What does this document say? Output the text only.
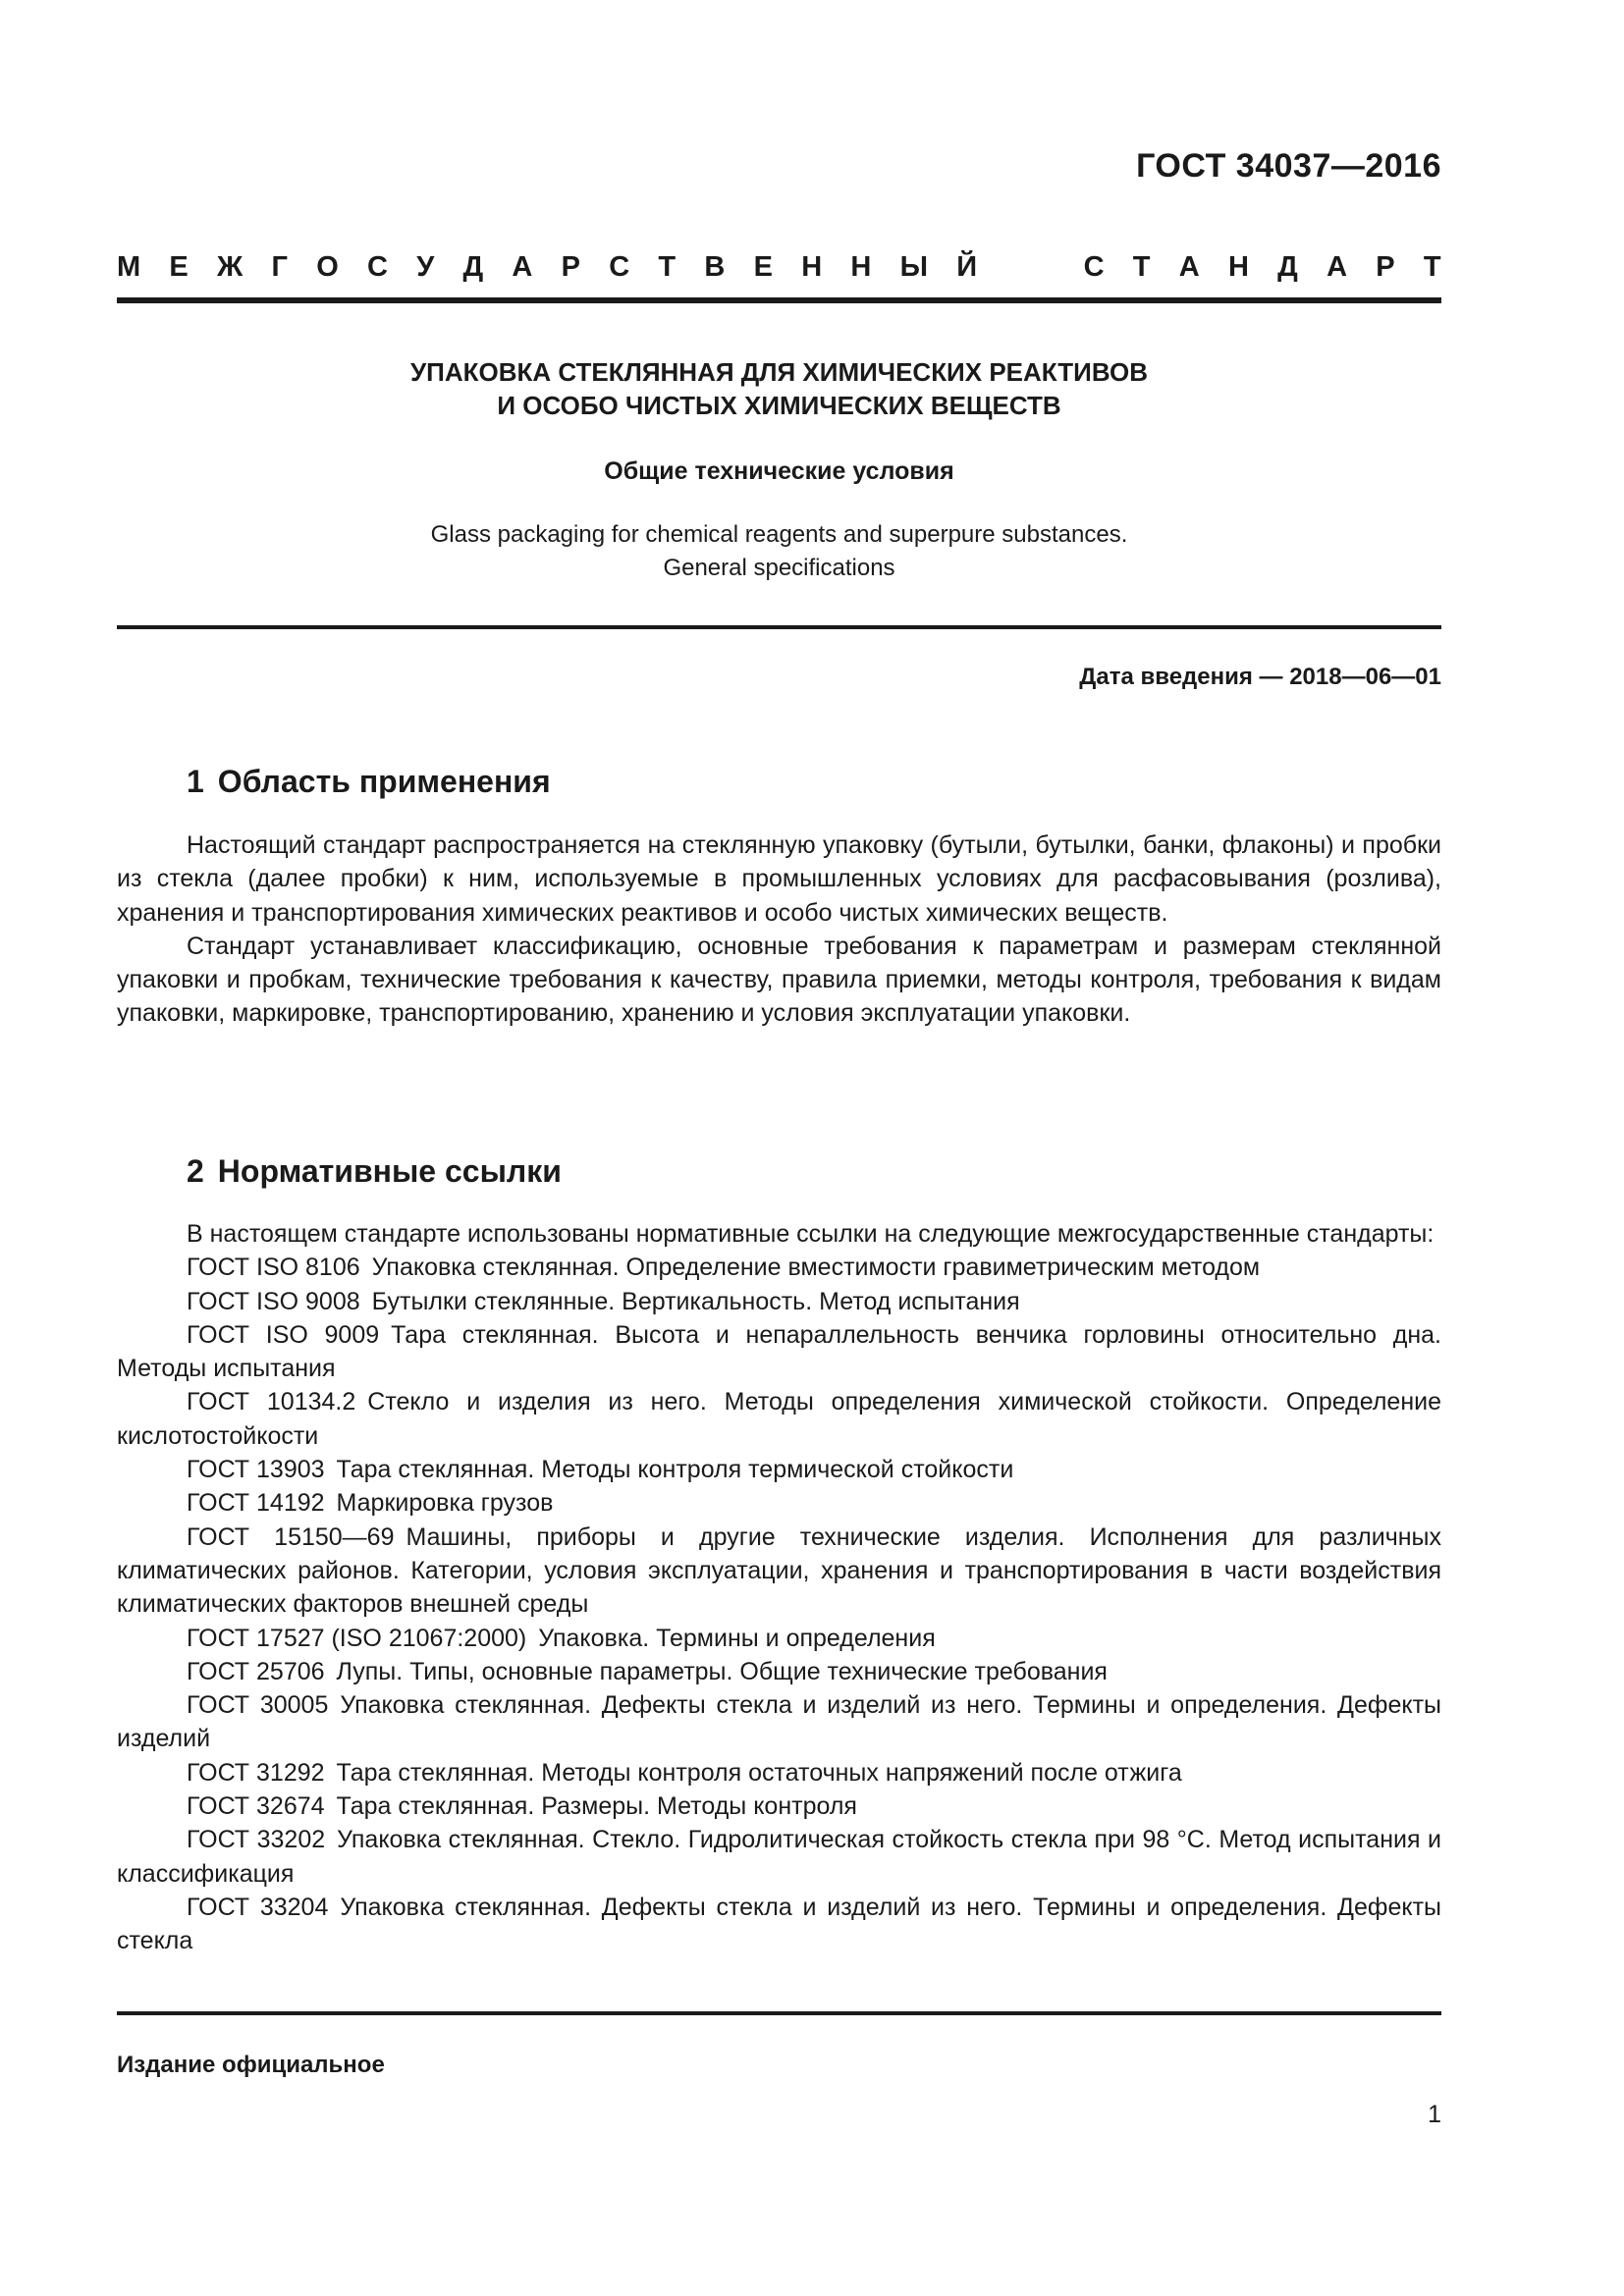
ГОСТ 34037—2016
М Е Ж Г О С У Д А Р С Т В Е Н Н Ы Й	С Т А Н Д А Р Т
УПАКОВКА СТЕКЛЯННАЯ ДЛЯ ХИМИЧЕСКИХ РЕАКТИВОВ
И ОСОБО ЧИСТЫХ ХИМИЧЕСКИХ ВЕЩЕСТВ
Общие технические условия
Glass packaging for chemical reagents and superpure substances.
General specifications
Дата введения — 2018—06—01
1 Область применения

Настоящий стандарт распространяется на стеклянную упаковку (бутыли, бутылки, банки, флаконы) и пробки из стекла (далее пробки) к ним, используемые в промышленных условиях для расфасовывания (розлива), хранения и транспортирования химических реактивов и особо чистых химических веществ.

Стандарт устанавливает классификацию, основные требования к параметрам и размерам стеклянной упаковки и пробкам, технические требования к качеству, правила приемки, методы контроля, требования к видам упаковки, маркировке, транспортированию, хранению и условия эксплуатации упаковки.

2 Нормативные ссылки

В настоящем стандарте использованы нормативные ссылки на следующие межгосударственные стандарты:

ГОСТ ISO 8106 Упаковка стеклянная. Определение вместимости гравиметрическим методом

ГОСТ ISO 9008 Бутылки стеклянные. Вертикальность. Метод испытания

ГОСТ ISO 9009 Тара стеклянная. Высота и непараллельность венчика горловины относительно дна. Методы испытания

ГОСТ 10134.2 Стекло и изделия из него. Методы определения химической стойкости. Определение кислотостойкости

ГОСТ 13903 Тара стеклянная. Методы контроля термической стойкости

ГОСТ 14192 Маркировка грузов

ГОСТ 15150—69 Машины, приборы и другие технические изделия. Исполнения для различных климатических районов. Категории, условия эксплуатации, хранения и транспортирования в части воздействия климатических факторов внешней среды

ГОСТ 17527 (ISO 21067:2000) Упаковка. Термины и определения

ГОСТ 25706 Лупы. Типы, основные параметры. Общие технические требования

ГОСТ 30005 Упаковка стеклянная. Дефекты стекла и изделий из него. Термины и определения. Дефекты изделий

ГОСТ 31292 Тара стеклянная. Методы контроля остаточных напряжений после отжига

ГОСТ 32674 Тара стеклянная. Размеры. Методы контроля

ГОСТ 33202 Упаковка стеклянная. Стекло. Гидролитическая стойкость стекла при 98 °С. Метод испытания и классификация

ГОСТ 33204 Упаковка стеклянная. Дефекты стекла и изделий из него. Термины и определения. Дефекты стекла

Издание официальное
1
